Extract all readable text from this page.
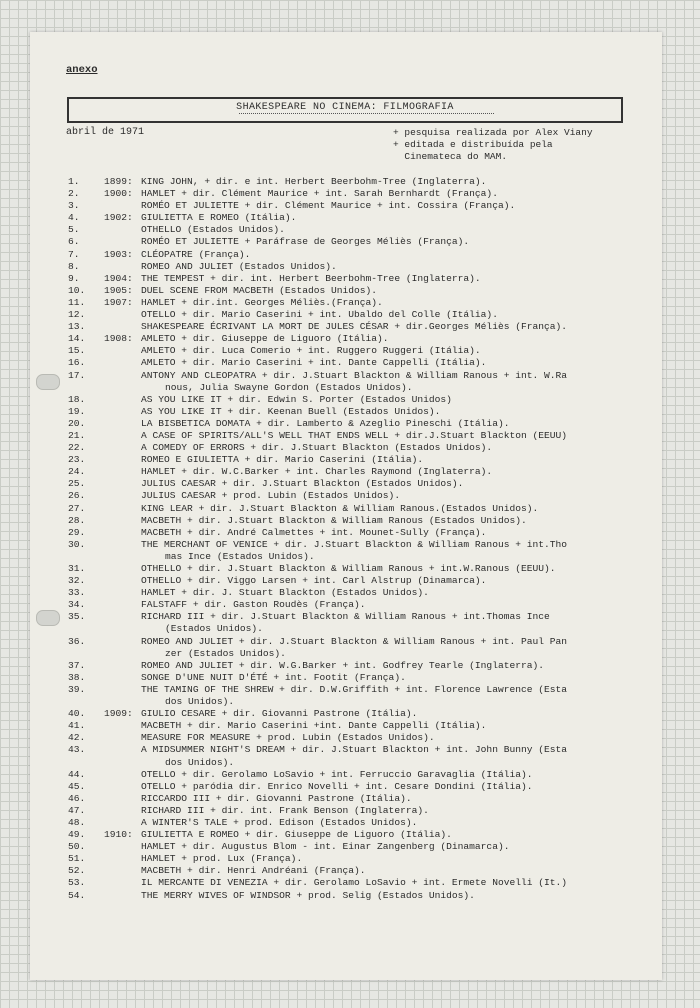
anexo
SHAKESPEARE NO CINEMA: FILMOGRAFIA
abril de 1971	+ pesquisa realizada por Alex Viany
+ editada e distribuída pela
Cinemateca do MAM.
1.	1899: KING JOHN, + dir. e int. Herbert Beerbohm-Tree (Inglaterra).
2.	1900: HAMLET + dir. Clément Maurice + int. Sarah Bernhardt (França).
3.	ROMÉO ET JULIETTE + dir. Clément Maurice + int. Cossira (França).
4.	1902: GIULIETTA E ROMEO (Itália).
5.	OTHELLO (Estados Unidos).
6.	ROMÉO ET JULIETTE + Paráfrase de Georges Méliès (França).
7.	1903: CLÉOPATRE (França).
8.	ROMEO AND JULIET (Estados Unidos).
9.	1904: THE TEMPEST + dir. int. Herbert Beerbohm-Tree (Inglaterra).
10.	1905: DUEL SCENE FROM MACBETH (Estados Unidos).
11.	1907: HAMLET + dir.int. Georges Méliès.(França).
12.	OTELLO + dir. Mario Caserini + int. Ubaldo del Colle (Itália).
13.	SHAKESPEARE ÉCRIVANT LA MORT DE JULES CÉSAR + dir.Georges Méliès (França).
14.	1908: AMLETO + dir. Giuseppe de Liguoro (Itália).
15.	AMLETO + dir. Luca Comerio + int. Ruggero Ruggeri (Itália).
16.	AMLETO + dir. Mario Caserini + int. Dante Cappelli (Itália).
17.	ANTONY AND CLEOPATRA + dir. J.Stuart Blackton & William Ranous + int. W.Ra
nous, Julia Swayne Gordon (Estados Unidos).
18.	AS YOU LIKE IT + dir. Edwin S. Porter (Estados Unidos)
19.	AS YOU LIKE IT + dir. Keenan Buell (Estados Unidos).
20.	LA BISBETICA DOMATA + dir. Lamberto & Azeglio Pineschi (Itália).
21.	A CASE OF SPIRITS/ALL'S WELL THAT ENDS WELL + dir.J.Stuart Blackton (EEUU)
22.	A COMEDY OF ERRORS + dir. J.Stuart Blackton (Estados Unidos).
23.	ROMEO E GIULIETTA + dir. Mario Caserini (Itália).
24.	HAMLET + dir. W.C.Barker + int. Charles Raymond (Inglaterra).
25.	JULIUS CAESAR + dir. J.Stuart Blackton (Estados Unidos).
26.	JULIUS CAESAR + prod. Lubin (Estados Unidos).
27.	KING LEAR + dir. J.Stuart Blackton & William Ranous.(Estados Unidos).
28.	MACBETH + dir. J.Stuart Blackton & William Ranous (Estados Unidos).
29.	MACBETH + dir. André Calmettes + int. Mounet-Sully (França).
30.	THE MERCHANT OF VENICE + dir. J.Stuart Blackton & William Ranous + int.Tho
mas Ince (Estados Unidos).
31.	OTHELLO + dir. J.Stuart Blackton & William Ranous + int.W.Ranous (EEUU).
32.	OTHELLO + dir. Viggo Larsen + int. Carl Alstrup (Dinamarca).
33.	HAMLET + dir. J. Stuart Blackton (Estados Unidos).
34.	FALSTAFF + dir. Gaston Roudès (França).
35.	RICHARD III + dir. J.Stuart Blackton & William Ranous + int.Thomas Ince
(Estados Unidos).
36.	ROMEO AND JULIET + dir. J.Stuart Blackton & William Ranous + int. Paul Pan
zer (Estados Unidos).
37.	ROMEO AND JULIET + dir. W.G.Barker + int. Godfrey Tearle (Inglaterra).
38.	SONGE D'UNE NUIT D'ÉTÉ + int. Footit (França).
39.	THE TAMING OF THE SHREW + dir. D.W.Griffith + int. Florence Lawrence (Esta
dos Unidos).
40.	1909: GIULIO CESARE + dir. Giovanni Pastrone (Itália).
41.	MACBETH + dir. Mario Caserini +int. Dante Cappelli (Itália).
42.	MEASURE FOR MEASURE + prod. Lubin (Estados Unidos).
43.	A MIDSUMMER NIGHT'S DREAM + dir. J.Stuart Blackton + int. John Bunny (Esta
dos Unidos).
44.	OTELLO + dir. Gerolamo LoSavio + int. Ferruccio Garavaglia (Itália).
45.	OTELLO + paródia dir. Enrico Novelli + int. Cesare Dondini (Itália).
46.	RICCARDO III + dir. Giovanni Pastrone (Itália).
47.	RICHARD III + dir. int. Frank Benson (Inglaterra).
48.	A WINTER'S TALE + prod. Edison (Estados Unidos).
49.	1910: GIULIETTA E ROMEO + dir. Giuseppe de Liguoro (Itália).
50.	HAMLET + dir. Augustus Blom - int. Einar Zangenberg (Dinamarca).
51.	HAMLET + prod. Lux (França).
52.	MACBETH + dir. Henri Andréani (França).
53.	IL MERCANTE DI VENEZIA + dir. Gerolamo LoSavio + int. Ermete Novelli (It.)
54.	THE MERRY WIVES OF WINDSOR + prod. Selig (Estados Unidos).
